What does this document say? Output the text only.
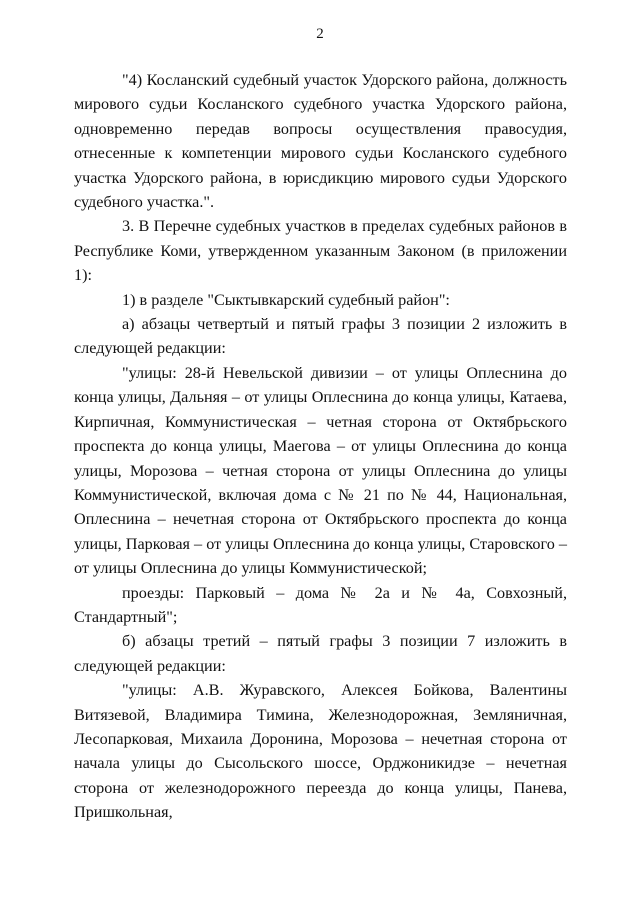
2

"4) Косланский судебный участок Удорского района, должность мирового судьи Косланского судебного участка Удорского района, одновременно передав вопросы осуществления правосудия, отнесенные к компетенции мирового судьи Косланского судебного участка Удорского района, в юрисдикцию мирового судьи Удорского судебного участка.".

3. В Перечне судебных участков в пределах судебных районов в Республике Коми, утвержденном указанным Законом (в приложении 1):

1) в разделе "Сыктывкарский судебный район":

а) абзацы четвертый и пятый графы 3 позиции 2 изложить в следующей редакции:

"улицы: 28-й Невельской дивизии – от улицы Оплеснина до конца улицы, Дальняя – от улицы Оплеснина до конца улицы, Катаева, Кирпичная, Коммунистическая – четная сторона от Октябрьского проспекта до конца улицы, Маегова – от улицы Оплеснина до конца улицы, Морозова – четная сторона от улицы Оплеснина до улицы Коммунистической, включая дома с № 21 по № 44, Национальная, Оплеснина – нечетная сторона от Октябрьского проспекта до конца улицы, Парковая – от улицы Оплеснина до конца улицы, Старовского – от улицы Оплеснина до улицы Коммунистической;

проезды: Парковый – дома № 2а и № 4а, Совхозный, Стандартный";

б) абзацы третий – пятый графы 3 позиции 7 изложить в следующей редакции:

"улицы: А.В. Журавского, Алексея Бойкова, Валентины Витязевой, Владимира Тимина, Железнодорожная, Земляничная, Лесопарковая, Михаила Доронина, Морозова – нечетная сторона от начала улицы до Сысольского шоссе, Орджоникидзе – нечетная сторона от железнодорожного переезда до конца улицы, Панева, Пришкольная,
